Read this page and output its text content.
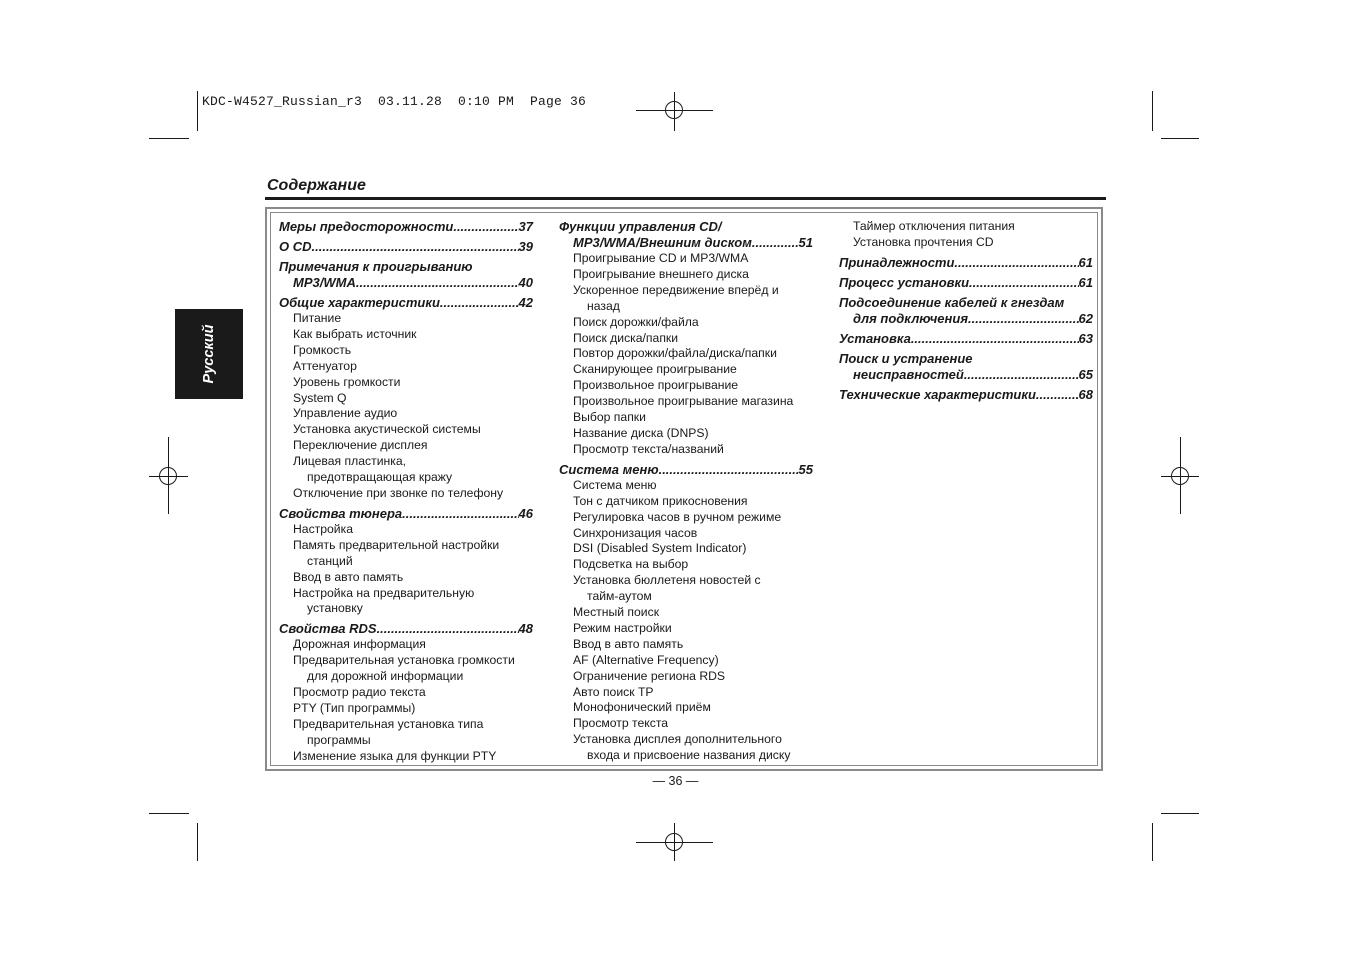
KDC-W4527_Russian_r3  03.11.28  0:10 PM  Page 36
Содержание
Русский
Меры предосторожности .....	37
О CD .....	39
Примечания к проигрыванию
MP3/WMA .....	40
Общие характеристики .....	42
Питание
Как выбрать источник
Громкость
Аттенуатор
Уровень громкости
System Q
Управление аудио
Установка акустической системы
Переключение дисплея
Лицевая пластинка,
предотвращающая кражу
Отключение при звонке по телефону
Свойства тюнера .....	46
Настройка
Память предварительной настройки
станций
Ввод в авто память
Настройка на предварительную
установку
Свойства RDS .....	48
Дорожная информация
Предварительная установка громкости
для дорожной информации
Просмотр радио текста
PTY (Тип программы)
Предварительная установка типа
программы
Изменение языка для функции PTY
Функции управления CD/
MP3/WMA/Внешним диском .....	51
Проигрывание CD и MP3/WMA
Проигрывание внешнего диска
Ускоренное передвижение вперёд и
назад
Поиск дорожки/файла
Поиск диска/папки
Повтор дорожки/файла/диска/папки
Сканирующее проигрывание
Произвольное проигрывание
Произвольное проигрывание магазина
Выбор папки
Название диска (DNPS)
Просмотр текста/названий
Система меню .....	55
Система меню
Тон с датчиком прикосновения
Регулировка часов в ручном режиме
Синхронизация часов
DSI (Disabled System Indicator)
Подсветка на выбор
Установка бюллетеня новостей с
тайм-аутом
Местный поиск
Режим настройки
Ввод в авто память
AF (Alternative Frequency)
Ограничение региона RDS
Авто поиск TP
Монофонический приём
Просмотр текста
Установка дисплея дополнительного
входа и присвоение названия диску
Таймер отключения питания
Установка прочтения CD
Принадлежности .....	61
Процесс установки .....	61
Подсоединение кабелей к гнездам
для подключения .....	62
Установка .....	63
Поиск и устранение
неисправностей .....	65
Технические характеристики .....	68
— 36 —
